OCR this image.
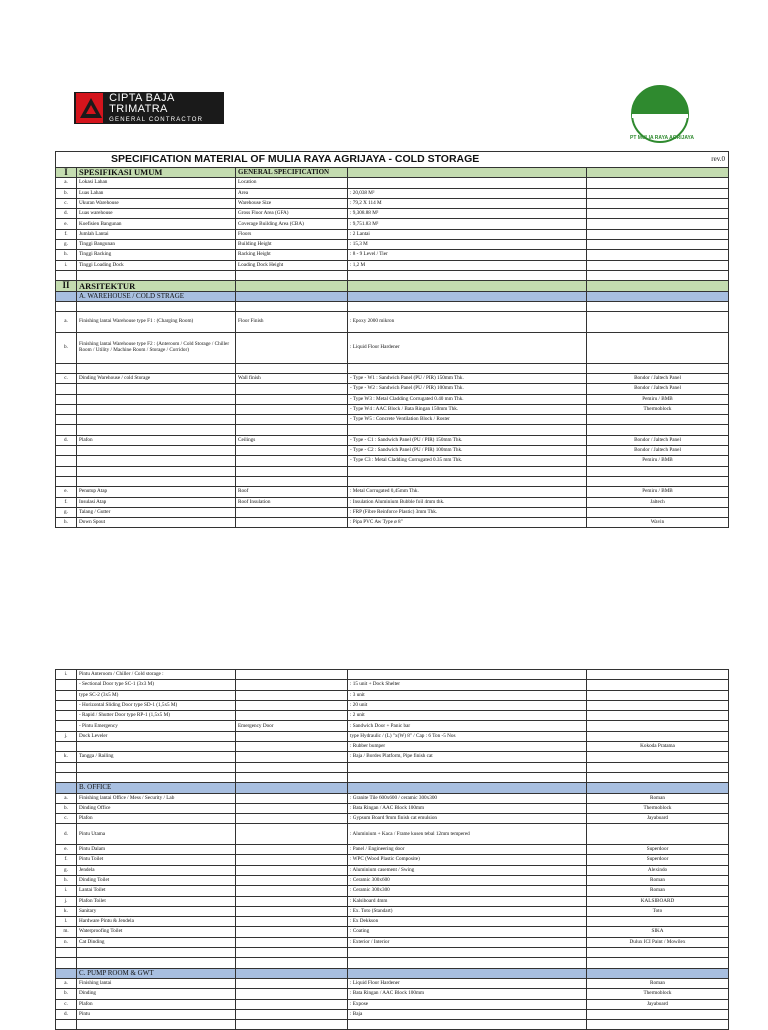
CIPTA BAJA TRIMATRA
GENERAL CONTRACTOR
PT MULIA RAYA AGRIJAYA
SPECIFICATION MATERIAL OF MULIA RAYA AGRIJAYA - COLD STORAGE rev.0				

I	SPESIFIKASI UMUM	GENERAL SPECIFICATION		
a.	Lokasi Lahan	Location		
b.	Luas Lahan	Area	: 20,038 M²	
c.	Ukuran Warehouse	Warehouse Size	: 79,2 X 114 M	
d.	Luas warehouse	Gross Floor Area (GFA)	: 9,308.88 M²	
e.	Koefisien Bangunan	Coverage Building Area (CBA)	: 9,751.83 M²	
f.	Jumlah Lantai	Floors	: 2 Lantai	
g.	Tinggi Bangunan	Building Height	: 15,3 M	
h.	Tinggi Racking	Racking Height	: 8 - 9 Level / Tier	
i.	Tinggi Loading Dock	Loading Dock Height	: 1,2 M	

II	ARSITEKTUR			
	A. WAREHOUSE / COLD STRAGE			

a.	Finishing lantai Warehouse type F1 : (Charging Room)	Floor Finish	: Epoxy 2000 mikron	
b.	Finishing lantai Warehouse type F2 : (Anteroom / Cold Storage / Chiller Room / Utility / Machine Room / Storage / Corridor)		: Liquid Floor Hardener	

c.	Dinding Warehouse / cold Storage	Wall finish	- Type - W1 : Sandwich Panel (PU / PIR) 150mm Thk.	Bondor / Jaltech Panel
			- Type - W2 : Sandwich Panel (PU / PIR) 100mm Thk.	Bondor / Jaltech Panel
			- Type W3 : Metal Cladding Corrugated 0.40 mm Thk.	Pemiru / BMB
			- Type W4 : AAC Block / Bata Ringan 150mm Thk.	Thermoblock
			- Type W5 : Concrete Ventilation Block / Roster	

d.	Plafon	Ceilings	- Type - C1 : Sandwich Panel (PU / PIR) 150mm Thk.	Bondor / Jaltech Panel
			- Type - C2 : Sandwich Panel (PU / PIR) 100mm Thk.	Bondor / Jaltech Panel
			- Type C3 : Metal Cladding Corrugated 0.35 mm Thk.	Pemiru / BMB

e.	Penutup Atap	Roof	: Metal Corrugated 0,45mm Thk.	Pemiru / BMB
f.	Insulasi Atap	Roof Insulation	: Insulation Aluminium Bubble foil 4mm thk.	Jaltech
g.	Talang / Gutter		: FRP (Fibre Reinforce Plastic) 3mm Thk.	
h.	Down Spout		: Pipa PVC Aw Type ø 8"	Wavin
i.	Pintu Anteroom / Chiller / Cold storage :			
	- Sectional Door type SC-1 (3x3 M)		: 15 unit + Dock Shelter	
	type SC-2 (3x5 M)		: 3 unit	
	- Horizontal Sliding Door type SD-1 (1,5x5 M)		: 20 unit	
	- Rapid / Shutter Door type RP-1 (1,5x5 M)		: 2 unit	
	- Pintu Emergency	Emergency Door	: Sandwich Door + Panic bar	
j.	Dock Leveler		type Hydraulic / (L) "x(W) 8" / Cap : 6 Ton -5 Nos	
			: Rubber bumper	Kokoda Pratama
k.	Tangga / Railing		: Baja / Bordes Platform, Pipe finish cat	

	B. OFFICE			
a.	Finishing lantai Office / Mess / Security / Lab		: Granite Tile 600x600 / ceramic 300x300	Roman
b.	Dinding Office		: Bata Ringan / AAC Block 100mm	Thermoblock
c.	Plafon		: Gypsum Board 9mm finish cat emulsion	Jayaboard
d.	Pintu Utama		: Aluminium + Kaca / Frame kusen tebal 12mm tempered	
e.	Pintu Dalam		: Panel / Engineering door	Superdoor
f.	Pintu Toilet		: WPC (Wood Plastic Composite)	Superdoor
g.	Jendela		: Aluminium casement / Swing	Alexindo
h.	Dinding Toilet		: Ceramic 300x600	Roman
i.	Lantai Toilet		: Ceramic 300x300	Roman
j.	Plafon Toilet		: Kalsiboard 4mm	KALSIBOARD
k.	Sanitary		: Ex. Toto (Standart)	Toto
l.	Hardware Pintu & Jendela		: Ex Dekkson	
m.	Waterproofing Toilet		: Coating	SIKA
n.	Cat Dinding		: Exterior / Interior	Dulux ICI Paint / Mowilex

	C. PUMP ROOM & GWT			
a.	Finishing lantai		: Liquid Floor Hardener	Roman
b.	Dinding		: Bata Ringan / AAC Block 100mm	Thermoblock
c.	Plafon		: Expose	Jayaboard
d.	Pintu		: Baja	
